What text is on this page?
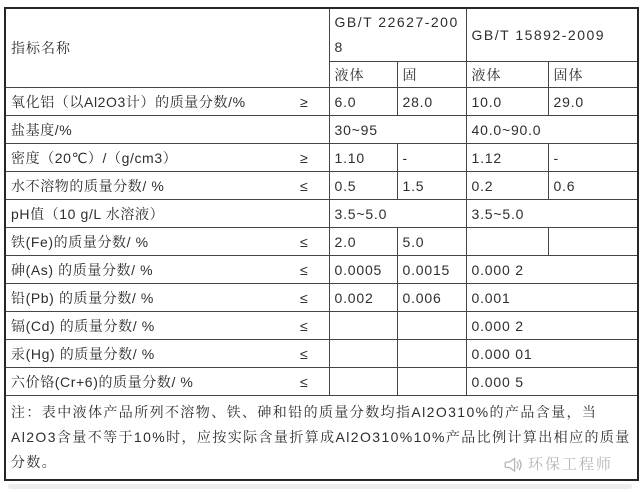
指标名称	GB/T 22627-2008		GB/T 15892-2009	
	液体	固	液体	固体

氧化铝（以Al2O3计）的质量分数/% ≥	6.0	28.0	10.0	29.0

盐基度/%	30~95		40.0~90.0	

密度（20℃）/（g/cm3） ≥	1.10	-	1.12	-

水不溶物的质量分数/ % ≤	0.5	1.5	0.2	0.6

pH值（10 g/L 水溶液）	3.5~5.0		3.5~5.0	

铁(Fe)的质量分数/ % ≤	2.0	5.0		

砷(As) 的质量分数/ % ≤	0.0005	0.0015	0.000 2	

铅(Pb) 的质量分数/ % ≤	0.002	0.006	0.001	

镉(Cd) 的质量分数/ % ≤			0.000 2	

汞(Hg) 的质量分数/ % ≤			0.000 01	

六价铬(Cr+6)的质量分数/ % ≤			0.000 5	
注：表中液体产品所列不溶物、铁、砷和铅的质量分数均指Al2O310%的产品含量，当Al2O3含量不等于10%时，应按实际含量折算成Al2O310%10%产品比例计算出相应的质量分数。 环保工程师				
